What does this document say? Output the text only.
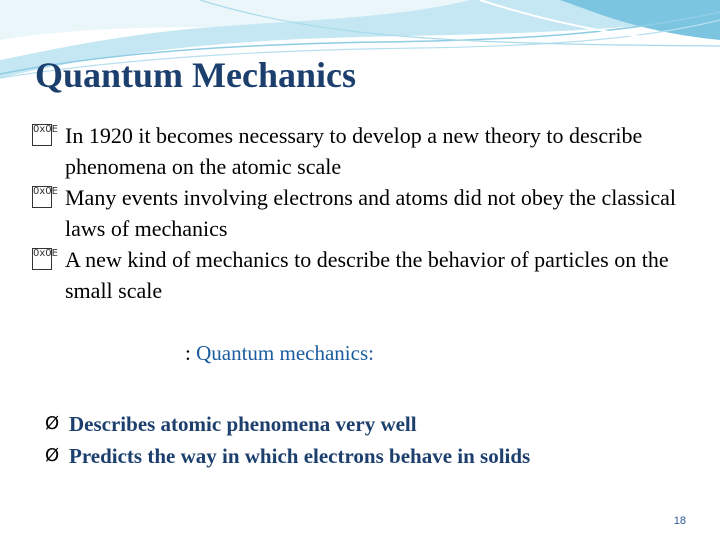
Quantum Mechanics
0x0E In 1920 it becomes necessary to develop a new theory to describe phenomena on the atomic scale
0x0E Many events involving electrons and atoms did not obey the classical laws of mechanics
0x0E A new kind of mechanics to describe the behavior of particles on the small scale
: Quantum mechanics:
Ø Describes atomic phenomena very well
Ø Predicts the way in which electrons behave in solids
18
